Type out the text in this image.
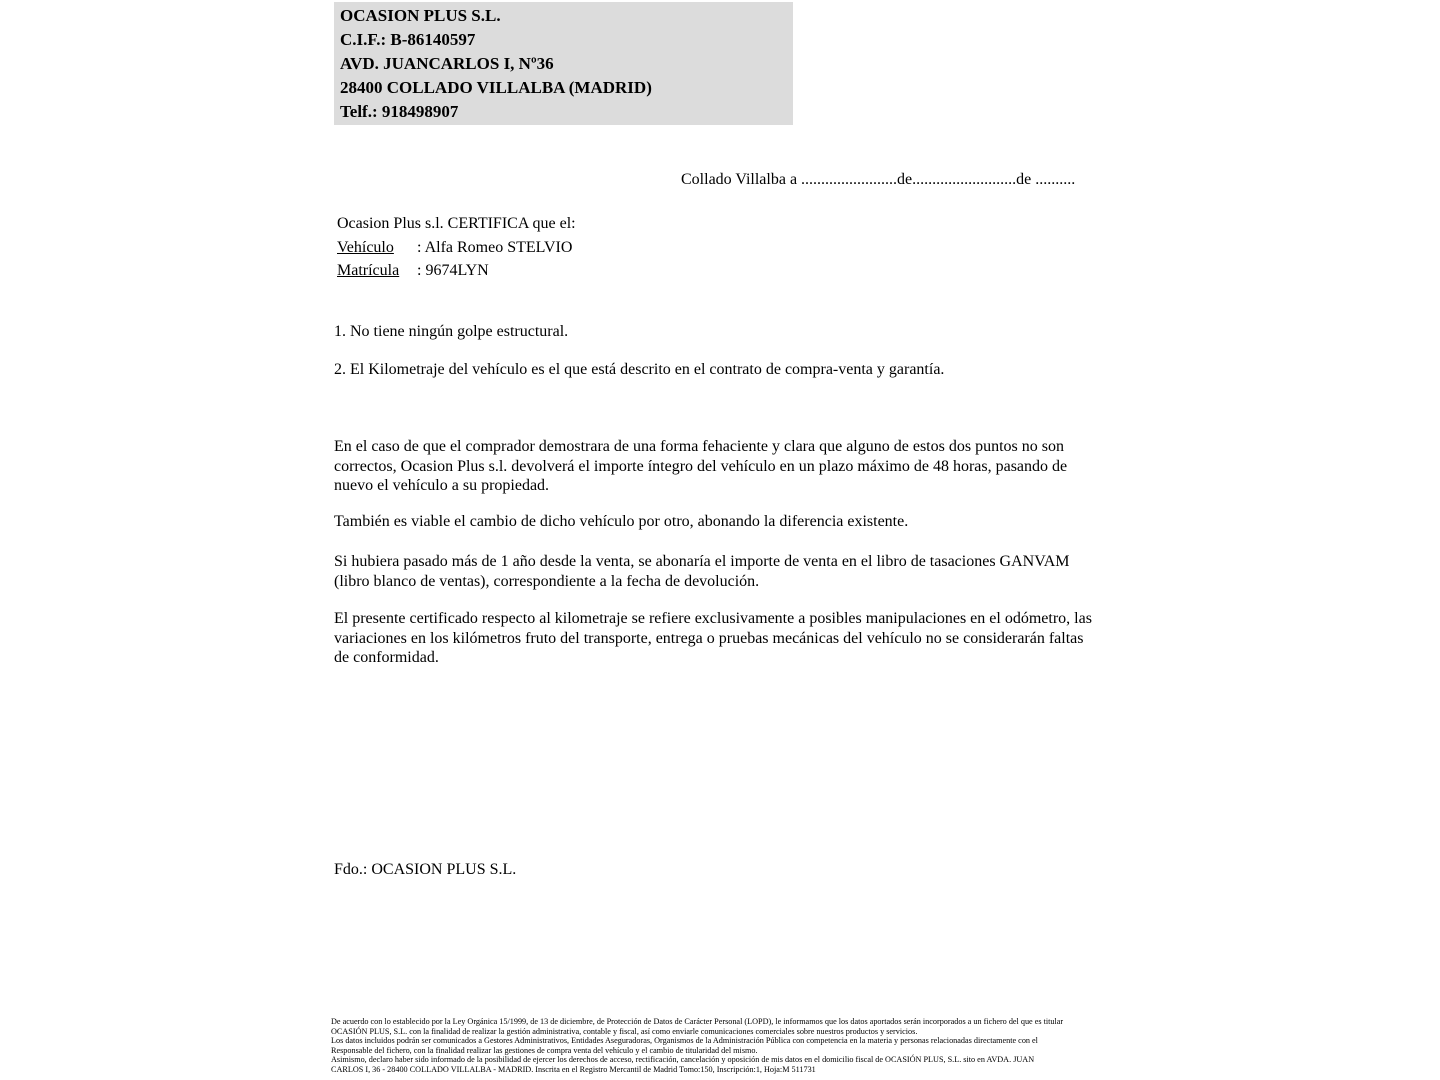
OCASION PLUS S.L.
C.I.F.: B-86140597
AVD. JUANCARLOS I, Nº36
28400 COLLADO VILLALBA (MADRID)
Telf.: 918498907
Collado Villalba a ........................de..........................de ..........
Ocasion Plus s.l. CERTIFICA que el:
Vehículo : Alfa Romeo STELVIO
Matrícula : 9674LYN
1. No tiene ningún golpe estructural.
2. El Kilometraje del vehículo es el que está descrito en el contrato de compra-venta y garantía.
En el caso de que el comprador demostrara de una forma fehaciente y clara que alguno de estos dos puntos no son correctos, Ocasion Plus s.l. devolverá el importe íntegro del vehículo en un plazo máximo de 48 horas, pasando de nuevo el vehículo a su propiedad.
También es viable el cambio de dicho vehículo por otro, abonando la diferencia existente.
Si hubiera pasado más de 1 año desde la venta, se abonaría el importe de venta en el libro de tasaciones GANVAM (libro blanco de ventas), correspondiente a la fecha de devolución.
El presente certificado respecto al kilometraje se refiere exclusivamente a posibles manipulaciones en el odómetro, las variaciones en los kilómetros fruto del transporte, entrega o pruebas mecánicas del vehículo no se considerarán faltas de conformidad.
Fdo.: OCASION PLUS S.L.
De acuerdo con lo establecido por la Ley Orgánica 15/1999, de 13 de diciembre, de Protección de Datos de Carácter Personal (LOPD), le informamos que los datos aportados serán incorporados a un fichero del que es titular
OCASIÓN PLUS, S.L. con la finalidad de realizar la gestión administrativa, contable y fiscal, así como enviarle comunicaciones comerciales sobre nuestros productos y servicios.
Los datos incluidos podrán ser comunicados a Gestores Administrativos, Entidades Aseguradoras, Organismos de la Administración Pública con competencia en la materia y personas relacionadas directamente con el
Responsable del fichero, con la finalidad realizar las gestiones de compra venta del vehículo y el cambio de titularidad del mismo.
Asimismo, declaro haber sido informado de la posibilidad de ejercer los derechos de acceso, rectificación, cancelación y oposición de mis datos en el domicilio fiscal de OCASIÓN PLUS, S.L. sito en AVDA. JUAN
CARLOS I, 36 - 28400 COLLADO VILLALBA - MADRID. Inscrita en el Registro Mercantil de Madrid Tomo:150, Inscripción:1, Hoja:M 511731
